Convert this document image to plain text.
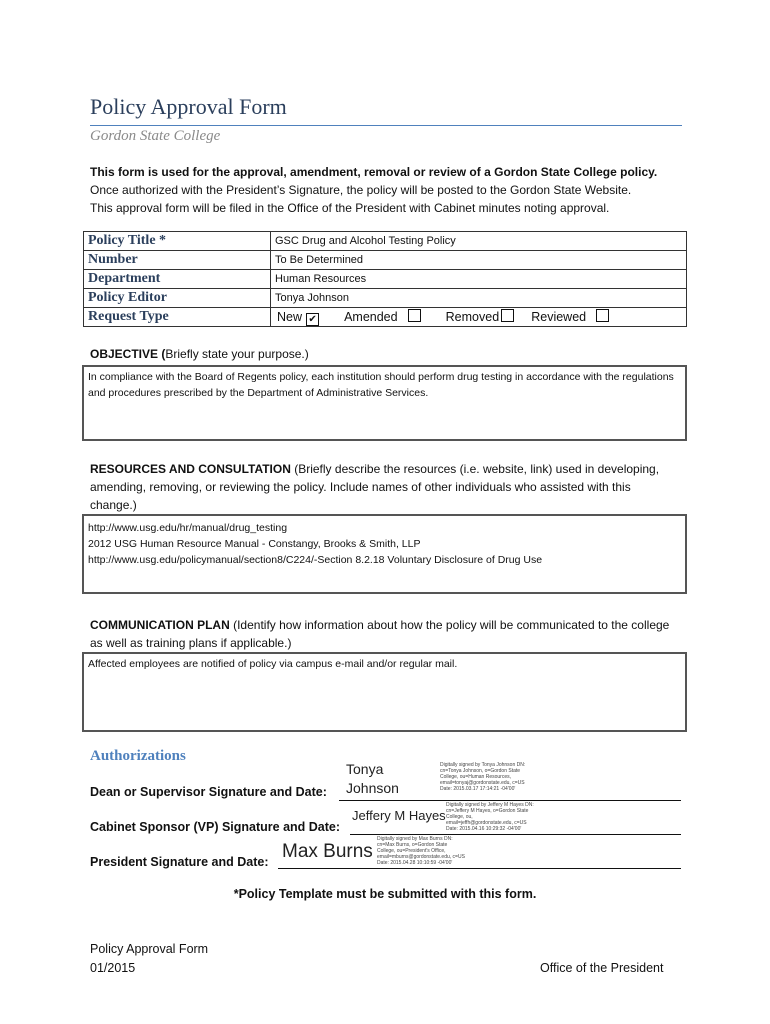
Policy Approval Form
Gordon State College
This form is used for the approval, amendment, removal or review of a Gordon State College policy.
Once authorized with the President’s Signature, the policy will be posted to the Gordon State Website.
This approval form will be filed in the Office of the President with Cabinet minutes noting approval.
Policy Title *	GSC Drug and Alcohol Testing Policy
Number	To Be Determined
Department	Human Resources
Policy Editor	Tonya Johnson
Request Type	New ✔ Amended Removed Reviewed
OBJECTIVE (Briefly state your purpose.)
In compliance with the Board of Regents policy, each institution should perform drug testing in accordance with the regulations and procedures prescribed by the Department of Administrative Services.
RESOURCES AND CONSULTATION (Briefly describe the resources (i.e. website, link) used in developing, amending, removing, or reviewing the policy. Include names of other individuals who assisted with this change.)
http://www.usg.edu/hr/manual/drug_testing
2012 USG Human Resource Manual - Constangy, Brooks & Smith, LLP
http://www.usg.edu/policymanual/section8/C224/-Section 8.2.18 Voluntary Disclosure of Drug Use
COMMUNICATION PLAN (Identify how information about how the policy will be communicated to the college as well as training plans if applicable.)
Affected employees are notified of policy via campus e-mail and/or regular mail.
Authorizations
Dean or Supervisor Signature and Date:
Tonya
Johnson
Digitally signed by Tonya Johnson DN: cn=Tonya Johnson, o=Gordon State College, ou=Human Resources, email=tonyaj@gordonstate.edu, c=US Date: 2015.03.17 17:14:21 -04'00'
Cabinet Sponsor (VP) Signature and Date:
Jeffery M Hayes
Digitally signed by Jeffery M Hayes DN: cn=Jeffery M Hayes, o=Gordon State College, ou, email=jeffh@gordonstate.edu, c=US Date: 2015.04.16 10:29:32 -04'00'
President Signature and Date: Max Burns
Digitally signed by Max Burns DN: cn=Max Burns, o=Gordon State College, ou=President's Office, email=mburns@gordonstate.edu, c=US Date: 2015.04.28 10:10:59 -04'00'
*Policy Template must be submitted with this form.
Policy Approval Form
01/2015	Office of the President
